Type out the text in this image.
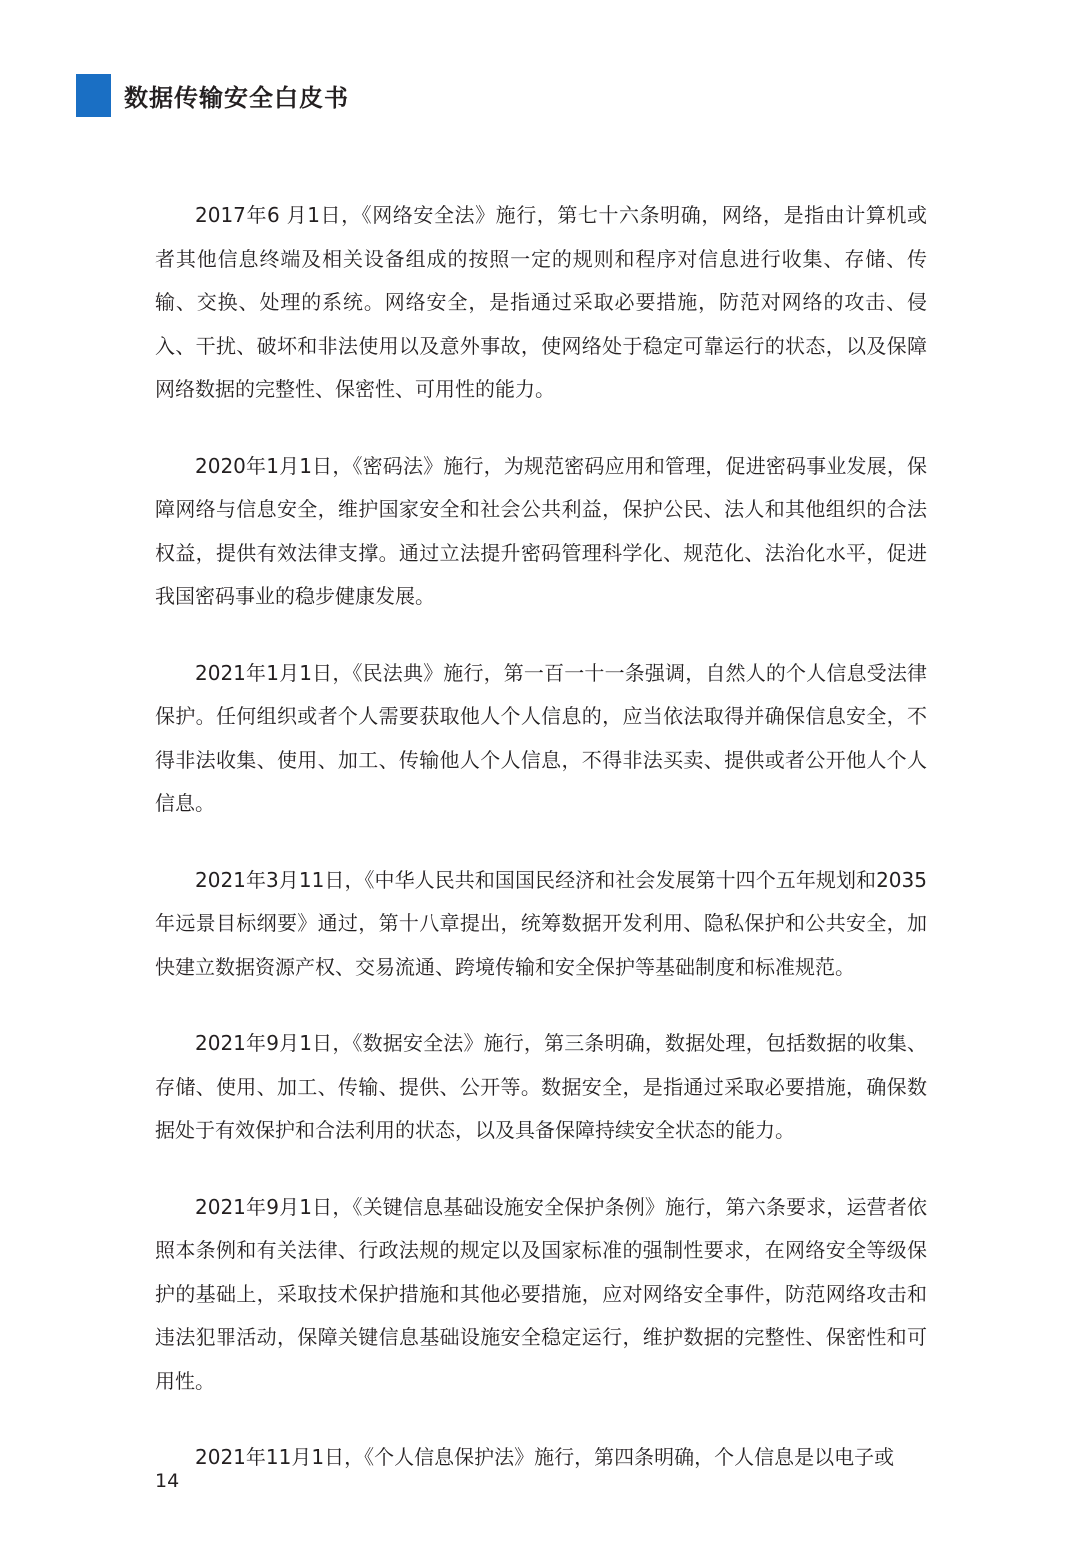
数据传输安全白皮书

2017年6 月1日，《网络安全法》施行，第七十六条明确，网络，是指由计算机或者其他信息终端及相关设备组成的按照一定的规则和程序对信息进行收集、存储、传输、交换、处理的系统。网络安全，是指通过采取必要措施，防范对网络的攻击、侵入、干扰、破坏和非法使用以及意外事故，使网络处于稳定可靠运行的状态，以及保障网络数据的完整性、保密性、可用性的能力。

2020年1月1日，《密码法》施行，为规范密码应用和管理，促进密码事业发展，保障网络与信息安全，维护国家安全和社会公共利益，保护公民、法人和其他组织的合法权益，提供有效法律支撑。通过立法提升密码管理科学化、规范化、法治化水平，促进我国密码事业的稳步健康发展。

2021年1月1日，《民法典》施行，第一百一十一条强调，自然人的个人信息受法律保护。任何组织或者个人需要获取他人个人信息的，应当依法取得并确保信息安全，不得非法收集、使用、加工、传输他人个人信息，不得非法买卖、提供或者公开他人个人信息。

2021年3月11日，《中华人民共和国国民经济和社会发展第十四个五年规划和2035年远景目标纲要》通过，第十八章提出，统筹数据开发利用、隐私保护和公共安全，加快建立数据资源产权、交易流通、跨境传输和安全保护等基础制度和标准规范。

2021年9月1日，《数据安全法》施行，第三条明确，数据处理，包括数据的收集、存储、使用、加工、传输、提供、公开等。数据安全，是指通过采取必要措施，确保数据处于有效保护和合法利用的状态，以及具备保障持续安全状态的能力。

2021年9月1日，《关键信息基础设施安全保护条例》施行，第六条要求，运营者依照本条例和有关法律、行政法规的规定以及国家标准的强制性要求，在网络安全等级保护的基础上，采取技术保护措施和其他必要措施，应对网络安全事件，防范网络攻击和违法犯罪活动，保障关键信息基础设施安全稳定运行，维护数据的完整性、保密性和可用性。

2021年11月1日，《个人信息保护法》施行，第四条明确，个人信息是以电子或

14
